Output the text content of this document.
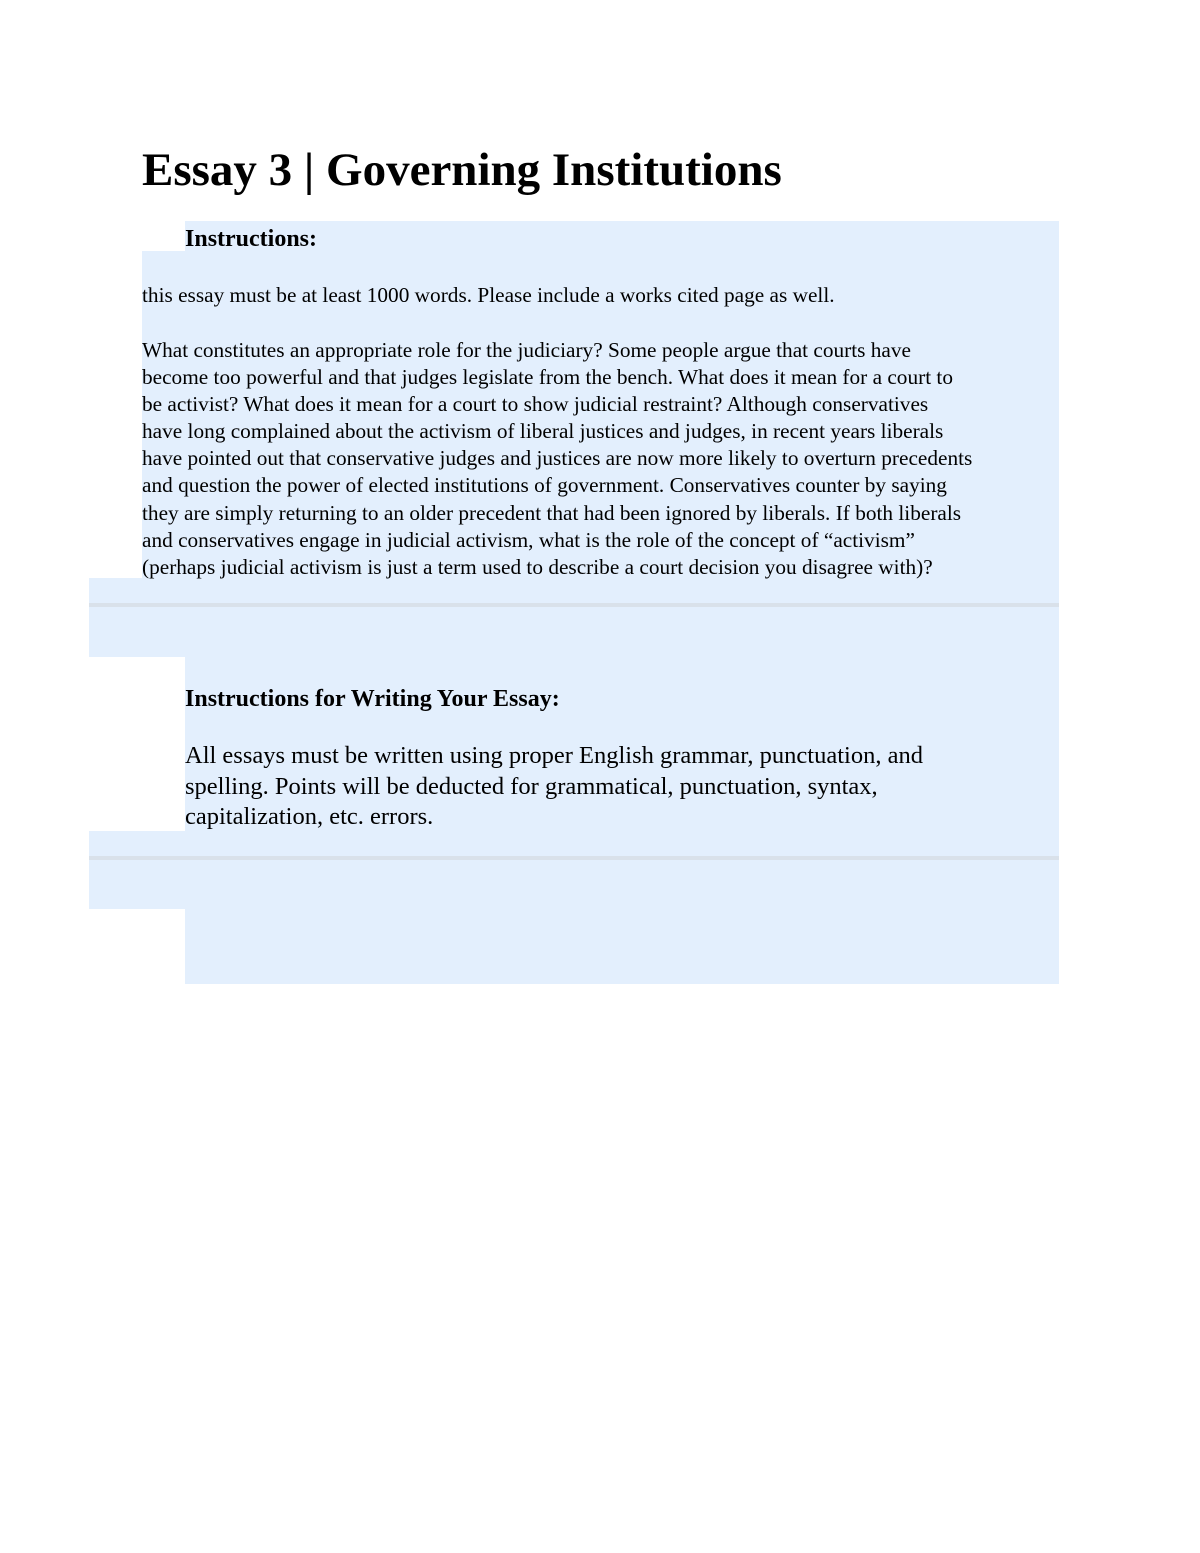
Essay 3 | Governing Institutions
Instructions:

this essay must be at least 1000 words. Please include a works cited page as well.

What constitutes an appropriate role for the judiciary? Some people argue that courts have
become too powerful and that judges legislate from the bench. What does it mean for a court to
be activist? What does it mean for a court to show judicial restraint? Although conservatives
have long complained about the activism of liberal justices and judges, in recent years liberals
have pointed out that conservative judges and justices are now more likely to overturn precedents
and question the power of elected institutions of government. Conservatives counter by saying
they are simply returning to an older precedent that had been ignored by liberals. If both liberals
and conservatives engage in judicial activism, what is the role of the concept of “activism”
(perhaps judicial activism is just a term used to describe a court decision you disagree with)?

Instructions for Writing Your Essay:

All essays must be written using proper English grammar, punctuation, and
spelling. Points will be deducted for grammatical, punctuation, syntax,
capitalization, etc. errors.
